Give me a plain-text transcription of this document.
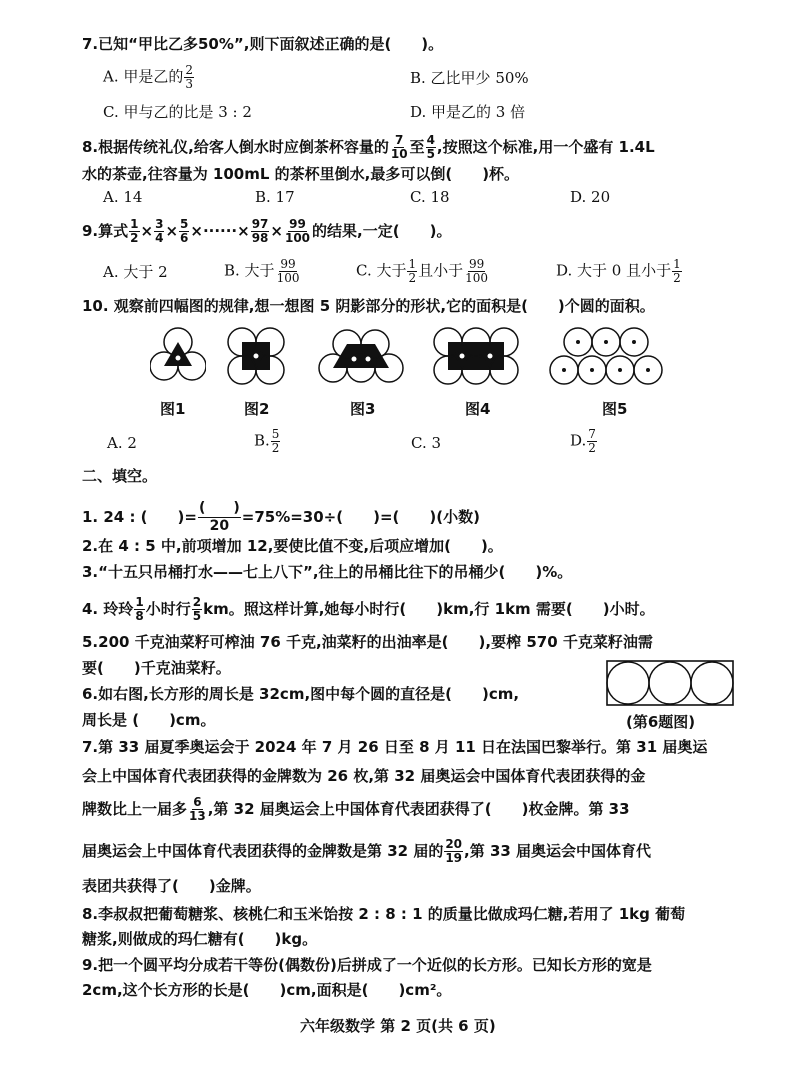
7.已知“甲比乙多50%”,则下面叙述正确的是(　　)。
A. 甲是乙的 $\frac{2}{3}$	B. 乙比甲少 50%
C. 甲与乙的比是 3 : 2	D. 甲是乙的 3 倍
8.根据传统礼仪,给客人倒水时应倒茶杯容量的 $\frac{7}{10}$ 至 $\frac{4}{5}$ ,按照这个标准,用一个盛有 1.4L
水的茶壶,往容量为 100mL 的茶杯里倒水,最多可以倒(　　)杯。
A. 14	B. 17	C. 18	D. 20
9.算式 $\frac{1}{2} \times \frac{3}{4} \times \frac{5}{6}$ ×······× $\frac{97}{98} \times \frac{99}{100}$ 的结果,一定(　　)。
A. 大于 2	B. 大于 $\frac{99}{100}$	C. 大于 $\frac{1}{2}$ 且小于 $\frac{99}{100}$	D. 大于 0 且小于 $\frac{1}{2}$
10. 观察前四幅图的规律,想一想图 5 阴影部分的形状,它的面积是(　　)个圆的面积。
图1	图2	图3	图4	图5
A. 2	B. $\frac{5}{2}$	C. 3	D. $\frac{7}{2}$
二、填空。
1. 24 : (　　)= $\frac{( )}{20} =75\%=30\div$(　　)=(　　)(小数)
2.在 4 : 5 中,前项增加 12,要使比值不变,后项应增加(　　)。
3.“十五只吊桶打水——七上八下”,往上的吊桶比往下的吊桶少(　　)%。
4. 玲玲 $\frac{1}{8}$ 小时行 $\frac{2}{5}$ km。照这样计算,她每小时行(　　)km,行 1km 需要(　　)小时。
5.200 千克油菜籽可榨油 76 千克,油菜籽的出油率是(　　),要榨 570 千克菜籽油需
要(　　)千克油菜籽。
6.如右图,长方形的周长是 32cm,图中每个圆的直径是(　　)cm,
周长是 (　　)cm。	(第6题图)
7.第 33 届夏季奥运会于 2024 年 7 月 26 日至 8 月 11 日在法国巴黎举行。第 31 届奥运
会上中国体育代表团获得的金牌数为 26 枚,第 32 届奥运会中国体育代表团获得的金
牌数比上一届多 $\frac{6}{13}$ ,第 32 届奥运会上中国体育代表团获得了(　　)枚金牌。第 33
届奥运会上中国体育代表团获得的金牌数是第 32 届的 $\frac{20}{19}$ ,第 33 届奥运会中国体育代
表团共获得了(　　)金牌。
8.李叔叔把葡萄糖浆、核桃仁和玉米饴按 2 : 8 : 1 的质量比做成玛仁糖,若用了 1kg 葡萄
糖浆,则做成的玛仁糖有(　　)kg。
9.把一个圆平均分成若干等份(偶数份)后拼成了一个近似的长方形。已知长方形的宽是
2cm,这个长方形的长是(　　)cm,面积是(　　)cm²。
六年级数学 第 2 页(共 6 页)
